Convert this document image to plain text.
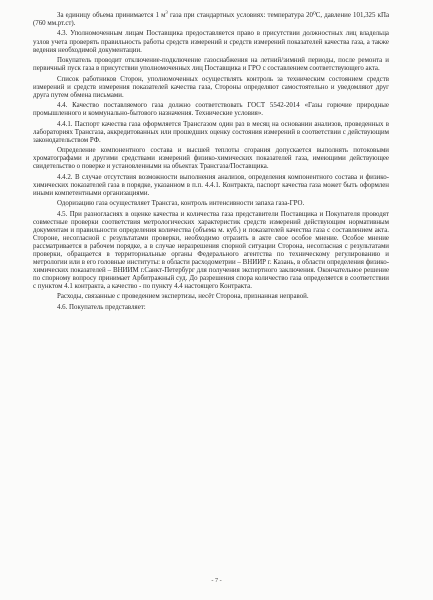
За единицу объема принимается 1 $м^3$ газа при стандартных условиях: температура 20⁰С, давление 101,325 кПа (760 мм.рт.ст).

4.3. Уполномоченным лицам Поставщика предоставляется право в присутствии должностных лиц владельца узлов учета проверять правильность работы средств измерений и средств измерений показателей качества газа, а также ведения необходимой документации.

Покупатель проводит отключение-подключение газоснабжения на летний/зимний периоды, после ремонта и первичный пуск газа в присутствии уполномоченных лиц Поставщика и ГРО с составлением соответствующего акта.

Список работников Сторон, уполномоченных осуществлять контроль за техническим состоянием средств измерений и средств измерения показателей качества газа, Стороны определяют самостоятельно и уведомляют друг друга путем обмена письмами.

4.4. Качество поставляемого газа должно соответствовать ГОСТ 5542-2014 «Газы горючие природные промышленного и коммунально-бытового назначения. Технические условия».

4.4.1. Паспорт качества газа оформляется Трансгазом один раз в месяц на основании анализов, проведенных в лабораториях Трансгаза, аккредитованных или прошедших оценку состояния измерений в соответствии с действующим законодательством РФ.

Определение компонентного состава и высшей теплоты сгорания допускается выполнять потоковыми хроматографами и другими средствами измерений физико-химических показателей газа, имеющими действующее свидетельство о поверке и установленными на объектах Трансгаза/Поставщика.

4.4.2. В случае отсутствия возможности выполнения анализов, определения компонентного состава и физико-химических показателей газа в порядке, указанном в п.п. 4.4.1. Контракта, паспорт качества газа может быть оформлен иными компетентными организациями.

Одоризацию газа осуществляет Трансгаз, контроль интенсивности запаха газа-ГРО.

4.5. При разногласиях в оценке качества и количества газа представители Поставщика и Покупателя проводят совместные проверки соответствия метрологических характеристик средств измерений действующим нормативным документам и правильности определения количества (объема м. куб.) и показателей качества газа с составлением акта. Стороне, несогласной с результатами проверки, необходимо отразить в акте свое особое мнение. Особое мнение рассматривается в рабочем порядке, а в случае неразрешения спорной ситуации Сторона, несогласная с результатами проверки, обращается в территориальные органы Федерального агентства по техническому регулированию и метрологии или в его головные институты: в области расходометрии – ВНИИР г. Казань, в области определения физико-химических показателей – ВНИИМ г.Санкт-Петербург для получения экспертного заключения. Окончательное решение по спорному вопросу принимает Арбитражный суд. До разрешения спора количество газа определяется в соответствии с пунктом 4.1 контракта, а качество - по пункту 4.4 настоящего Контракта.

Расходы, связанные с проведением экспертизы, несёт Сторона, признанная неправой.

4.6. Покупатель представляет:

- 7 -
